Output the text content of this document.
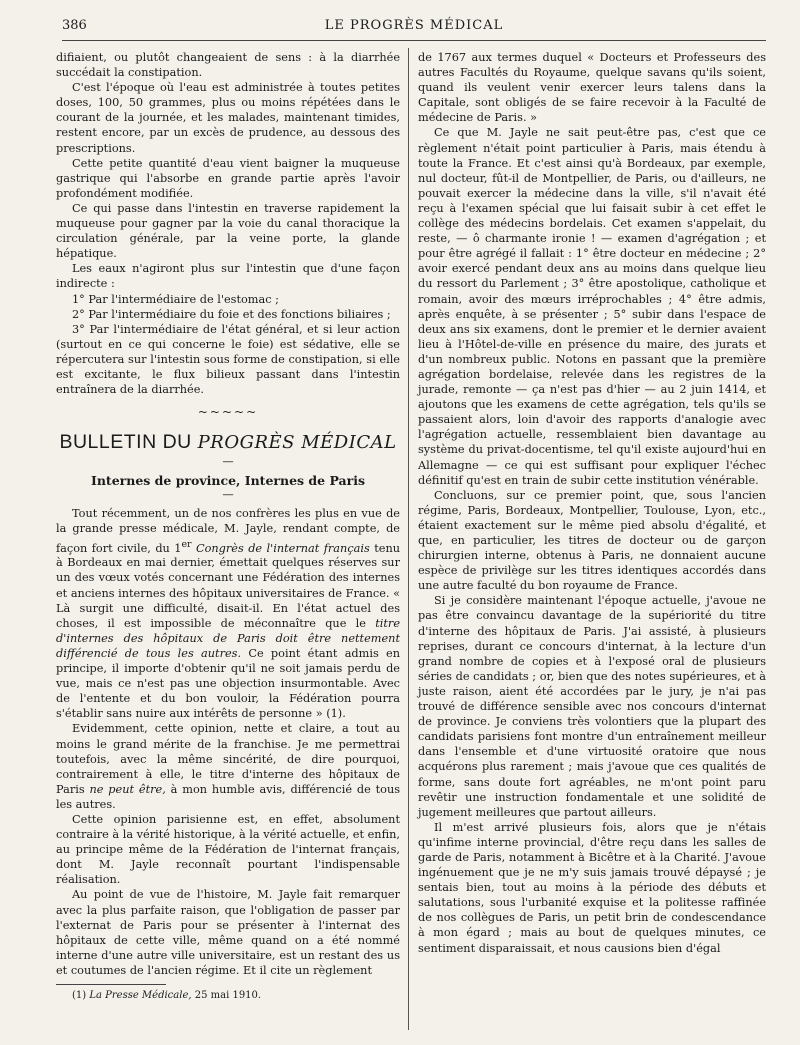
386	LE PROGRÈS MÉDICAL

difiaient, ou plutôt changeaient de sens : à la diarrhée succédait la constipation.

C'est l'époque où l'eau est administrée à toutes petites doses, 100, 50 grammes, plus ou moins répétées dans le courant de la journée, et les malades, maintenant timides, restent encore, par un excès de prudence, au dessous des prescriptions.

Cette petite quantité d'eau vient baigner la muqueuse gastrique qui l'absorbe en grande partie après l'avoir profondément modifiée.

Ce qui passe dans l'intestin en traverse rapidement la muqueuse pour gagner par la voie du canal thoracique la circulation générale, par la veine porte, la glande hépatique.

Les eaux n'agiront plus sur l'intestin que d'une façon indirecte :

1° Par l'intermédiaire de l'estomac ;

2° Par l'intermédiaire du foie et des fonctions biliaires ;

3° Par l'intermédiaire de l'état général, et si leur action (surtout en ce qui concerne le foie) est sédative, elle se répercutera sur l'intestin sous forme de constipation, si elle est excitante, le flux bilieux passant dans l'intestin entraînera de la diarrhée.

~~~~~
BULLETIN DU PROGRÈS MÉDICAL
—
Internes de province, Internes de Paris
—

Tout récemment, un de nos confrères les plus en vue de la grande presse médicale, M. Jayle, rendant compte, de façon fort civile, du 1er Congrès de l'internat français tenu à Bordeaux en mai dernier, émettait quelques réserves sur un des vœux votés concernant une Fédération des internes et anciens internes des hôpitaux universitaires de France. « Là surgit une difficulté, disait-il. En l'état actuel des choses, il est impossible de méconnaître que le titre d'internes des hôpitaux de Paris doit être nettement différencié de tous les autres. Ce point étant admis en principe, il importe d'obtenir qu'il ne soit jamais perdu de vue, mais ce n'est pas une objection insurmontable. Avec de l'entente et du bon vouloir, la Fédération pourra s'établir sans nuire aux intérêts de personne » (1).

Evidemment, cette opinion, nette et claire, a tout au moins le grand mérite de la franchise. Je me permettrai toutefois, avec la même sincérité, de dire pourquoi, contrairement à elle, le titre d'interne des hôpitaux de Paris ne peut être, à mon humble avis, différencié de tous les autres.

Cette opinion parisienne est, en effet, absolument contraire à la vérité historique, à la vérité actuelle, et enfin, au principe même de la Fédération de l'internat français, dont M. Jayle reconnaît pourtant l'indispensable réalisation.

Au point de vue de l'histoire, M. Jayle fait remarquer avec la plus parfaite raison, que l'obligation de passer par l'externat de Paris pour se présenter à l'internat des hôpitaux de cette ville, même quand on a été nommé interne d'une autre ville universitaire, est un restant des us et coutumes de l'ancien régime. Et il cite un règlement

(1) La Presse Médicale, 25 mai 1910.

de 1767 aux termes duquel « Docteurs et Professeurs des autres Facultés du Royaume, quelque savans qu'ils soient, quand ils veulent venir exercer leurs talens dans la Capitale, sont obligés de se faire recevoir à la Faculté de médecine de Paris. »

Ce que M. Jayle ne sait peut-être pas, c'est que ce règlement n'était point particulier à Paris, mais étendu à toute la France. Et c'est ainsi qu'à Bordeaux, par exemple, nul docteur, fût-il de Montpellier, de Paris, ou d'ailleurs, ne pouvait exercer la médecine dans la ville, s'il n'avait été reçu à l'examen spécial que lui faisait subir à cet effet le collège des médecins bordelais. Cet examen s'appelait, du reste, — ô charmante ironie ! — examen d'agrégation ; et pour être agrégé il fallait : 1° être docteur en médecine ; 2° avoir exercé pendant deux ans au moins dans quelque lieu du ressort du Parlement ; 3° être apostolique, catholique et romain, avoir des mœurs irréprochables ; 4° être admis, après enquête, à se présenter ; 5° subir dans l'espace de deux ans six examens, dont le premier et le dernier avaient lieu à l'Hôtel-de-ville en présence du maire, des jurats et d'un nombreux public. Notons en passant que la première agrégation bordelaise, relevée dans les registres de la jurade, remonte — ça n'est pas d'hier — au 2 juin 1414, et ajoutons que les examens de cette agrégation, tels qu'ils se passaient alors, loin d'avoir des rapports d'analogie avec l'agrégation actuelle, ressemblaient bien davantage au système du privat-docentisme, tel qu'il existe aujourd'hui en Allemagne — ce qui est suffisant pour expliquer l'échec définitif qu'est en train de subir cette institution vénérable.

Concluons, sur ce premier point, que, sous l'ancien régime, Paris, Bordeaux, Montpellier, Toulouse, Lyon, etc., étaient exactement sur le même pied absolu d'égalité, et que, en particulier, les titres de docteur ou de garçon chirurgien interne, obtenus à Paris, ne donnaient aucune espèce de privilège sur les titres identiques accordés dans une autre faculté du bon royaume de France.

Si je considère maintenant l'époque actuelle, j'avoue ne pas être convaincu davantage de la supériorité du titre d'interne des hôpitaux de Paris. J'ai assisté, à plusieurs reprises, durant ce concours d'internat, à la lecture d'un grand nombre de copies et à l'exposé oral de plusieurs séries de candidats ; or, bien que des notes supérieures, et à juste raison, aient été accordées par le jury, je n'ai pas trouvé de différence sensible avec nos concours d'internat de province. Je conviens très volontiers que la plupart des candidats parisiens font montre d'un entraînement meilleur dans l'ensemble et d'une virtuosité oratoire que nous acquérons plus rarement ; mais j'avoue que ces qualités de forme, sans doute fort agréables, ne m'ont point paru revêtir une instruction fondamentale et une solidité de jugement meilleures que partout ailleurs.

Il m'est arrivé plusieurs fois, alors que je n'étais qu'infime interne provincial, d'être reçu dans les salles de garde de Paris, notamment à Bicêtre et à la Charité. J'avoue ingénuement que je ne m'y suis jamais trouvé dépaysé ; je sentais bien, tout au moins à la période des débuts et salutations, sous l'urbanité exquise et la politesse raffinée de nos collègues de Paris, un petit brin de condescendance à mon égard ; mais au bout de quelques minutes, ce sentiment disparaissait, et nous causions bien d'égal
